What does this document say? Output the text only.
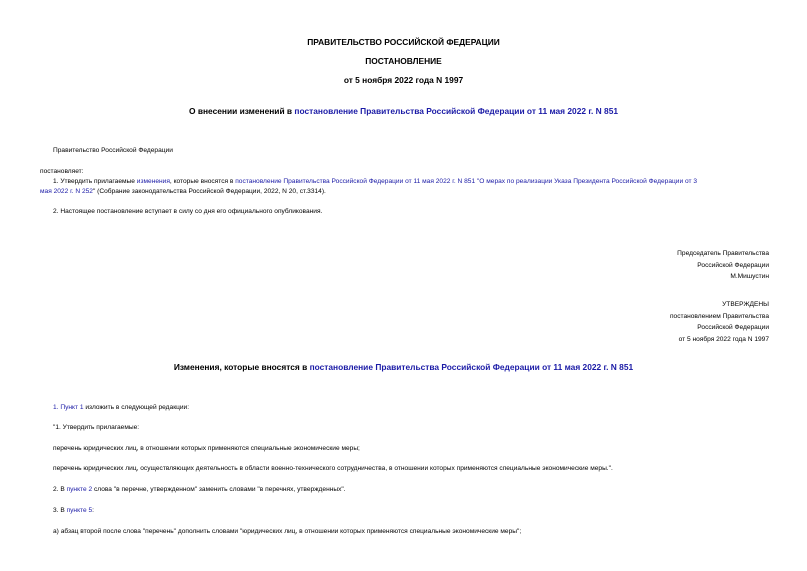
ПРАВИТЕЛЬСТВО РОССИЙСКОЙ ФЕДЕРАЦИИ
ПОСТАНОВЛЕНИЕ
от 5 ноября 2022 года N 1997
О внесении изменений в постановление Правительства Российской Федерации от 11 мая 2022 г. N 851
Правительство Российской Федерации
постановляет:
1. Утвердить прилагаемые изменения, которые вносятся в постановление Правительства Российской Федерации от 11 мая 2022 г. N 851 "О мерах по реализации Указа Президента Российской Федерации от 3
мая 2022 г. N 252" (Собрание законодательства Российской Федерации, 2022, N 20, ст.3314).
2. Настоящее постановление вступает в силу со дня его официального опубликования.
Председатель Правительства
Российской Федерации
М.Мишустин
УТВЕРЖДЕНЫ
постановлением Правительства
Российской Федерации
от 5 ноября 2022 года N 1997
Изменения, которые вносятся в постановление Правительства Российской Федерации от 11 мая 2022 г. N 851
1. Пункт 1 изложить в следующей редакции:
"1. Утвердить прилагаемые:
перечень юридических лиц, в отношении которых применяются специальные экономические меры;
перечень юридических лиц, осуществляющих деятельность в области военно-технического сотрудничества, в отношении которых применяются специальные экономические меры.".
2. В пункте 2 слова "в перечне, утвержденном" заменить словами "в перечнях, утвержденных".
3. В пункте 5:
а) абзац второй после слова "перечень" дополнить словами "юридических лиц, в отношении которых применяются специальные экономические меры";
